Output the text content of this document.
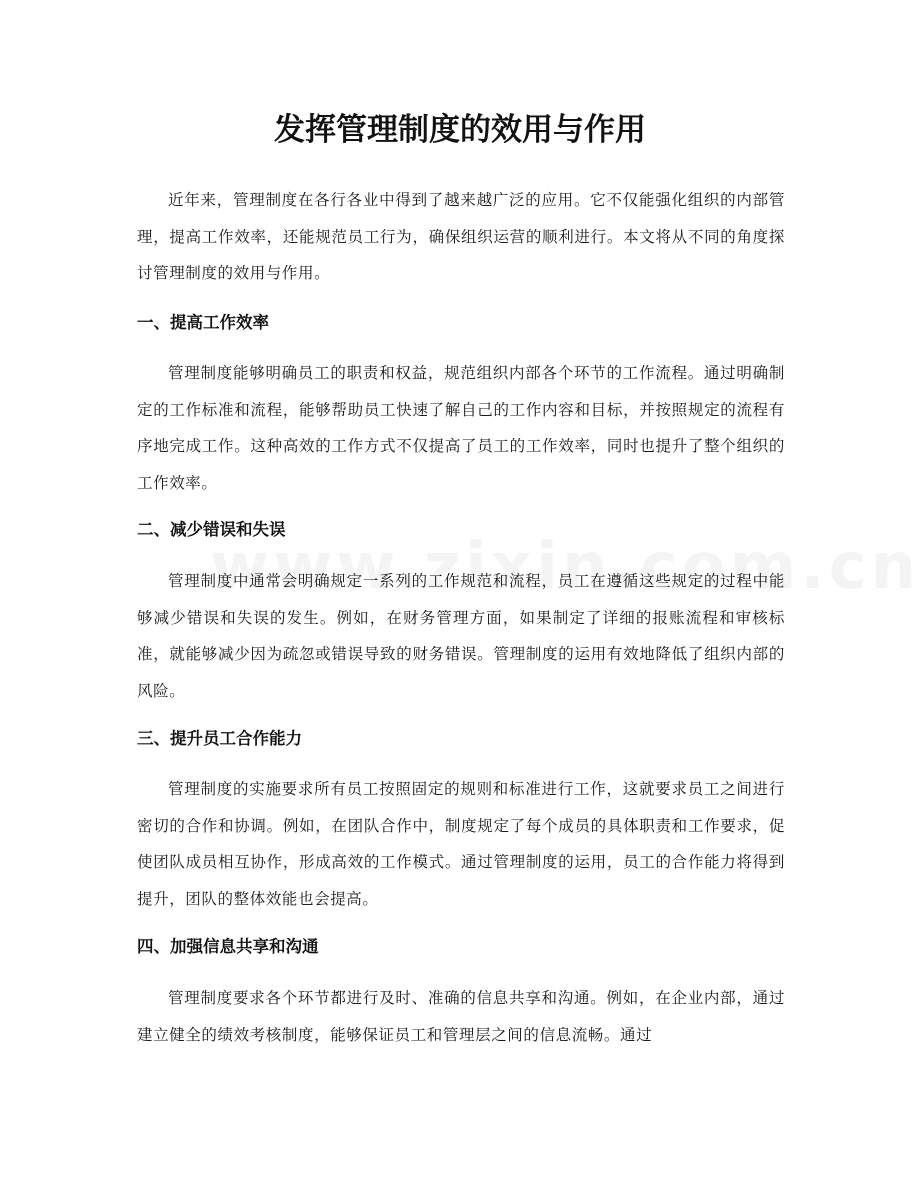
发挥管理制度的效用与作用

近年来，管理制度在各行各业中得到了越来越广泛的应用。它不仅能强化组织的内部管理，提高工作效率，还能规范员工行为，确保组织运营的顺利进行。本文将从不同的角度探讨管理制度的效用与作用。

一、提高工作效率

管理制度能够明确员工的职责和权益，规范组织内部各个环节的工作流程。通过明确制定的工作标准和流程，能够帮助员工快速了解自己的工作内容和目标，并按照规定的流程有序地完成工作。这种高效的工作方式不仅提高了员工的工作效率，同时也提升了整个组织的工作效率。

二、减少错误和失误

管理制度中通常会明确规定一系列的工作规范和流程，员工在遵循这些规定的过程中能够减少错误和失误的发生。例如，在财务管理方面，如果制定了详细的报账流程和审核标准，就能够减少因为疏忽或错误导致的财务错误。管理制度的运用有效地降低了组织内部的风险。

三、提升员工合作能力

管理制度的实施要求所有员工按照固定的规则和标准进行工作，这就要求员工之间进行密切的合作和协调。例如，在团队合作中，制度规定了每个成员的具体职责和工作要求，促使团队成员相互协作，形成高效的工作模式。通过管理制度的运用，员工的合作能力将得到提升，团队的整体效能也会提高。

四、加强信息共享和沟通

管理制度要求各个环节都进行及时、准确的信息共享和沟通。例如，在企业内部，通过建立健全的绩效考核制度，能够保证员工和管理层之间的信息流畅。通过
